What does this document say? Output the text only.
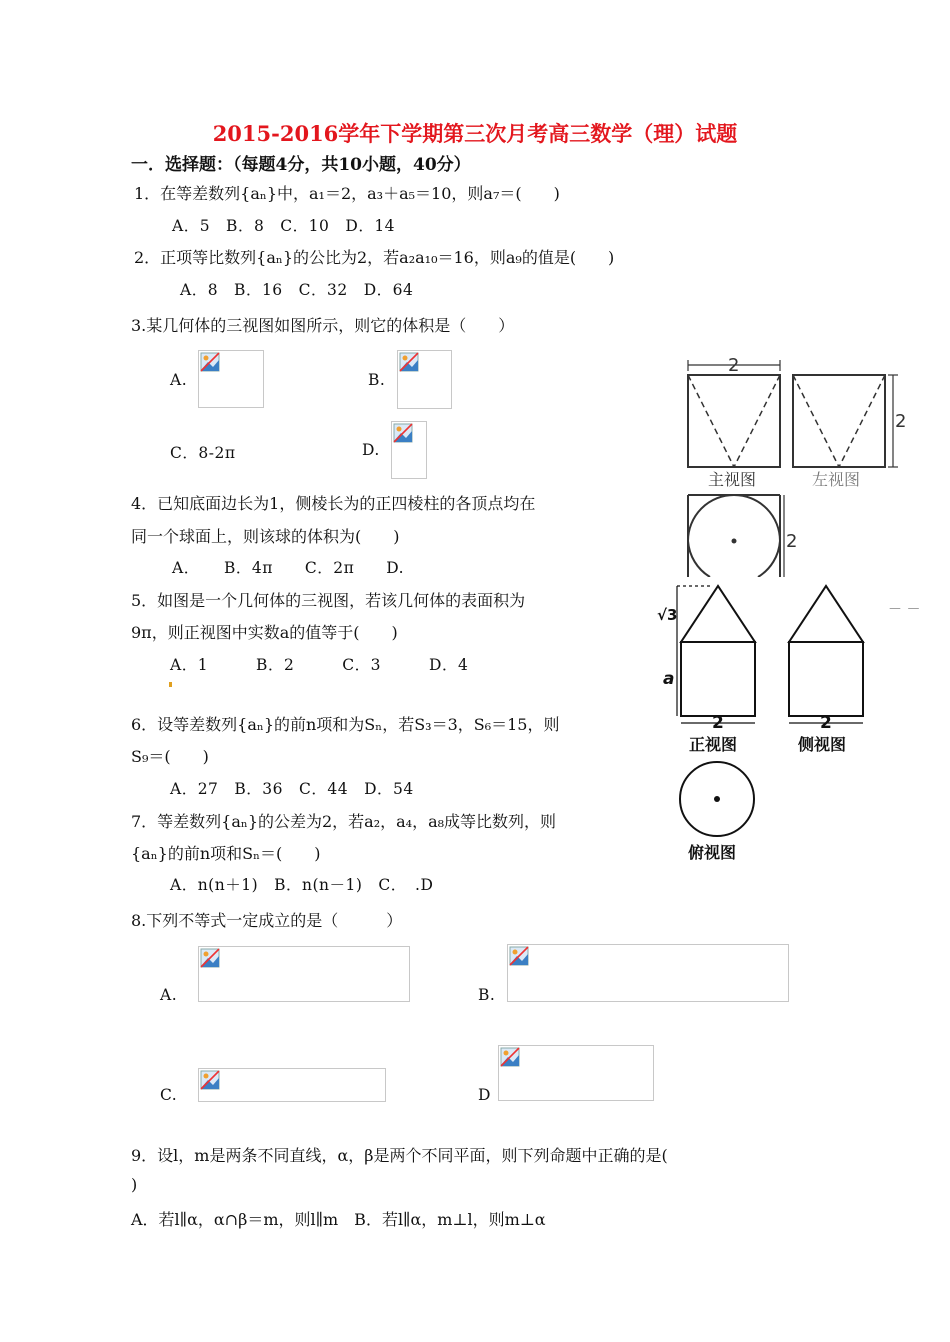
2015-2016学年下学期第三次月考高三数学（理）试题
一．选择题：（每题4分，共10小题，40分）
1．在等差数列{aₙ}中，a₁＝2，a₃＋a₅＝10，则a₇＝(　　)
A．5　B．8　C．10　D．14
2．正项等比数列{aₙ}的公比为2，若a₂a₁₀＝16，则a₉的值是(　　)
A．8　B．16　C．32　D．64
3.某几何体的三视图如图所示，则它的体积是（　　）
A.	B.
C．8-2π	D.
4．已知底面边长为1，侧棱长为的正四棱柱的各顶点均在
同一个球面上，则该球的体积为(　　)
A．　　B．4π　　C．2π　　D.
5．如图是一个几何体的三视图，若该几何体的表面积为
9π，则正视图中实数a的值等于(　　)
A．1　　　B．2　　　C．3　　　D．4
6．设等差数列{aₙ}的前n项和为Sₙ，若S₃＝3，S₆＝15，则
S₉＝(　　)
A．27　B．36　C．44　D．54
7．等差数列{aₙ}的公差为2，若a₂，a₄，a₈成等比数列，则
{aₙ}的前n项和Sₙ＝(　　)
A．n(n＋1)　B．n(n－1)　C．　.D
8.下列不等式一定成立的是（　　　）
A.	B.
C.	D
9．设l，m是两条不同直线，α，β是两个不同平面，则下列命题中正确的是(
)
A．若l∥α，α∩β＝m，则l∥m　B．若l∥α，m⊥l，则m⊥α
2
2
主视图	左视图
2
√3
a
2
正视图
2
侧视图
俯视图
－ －
